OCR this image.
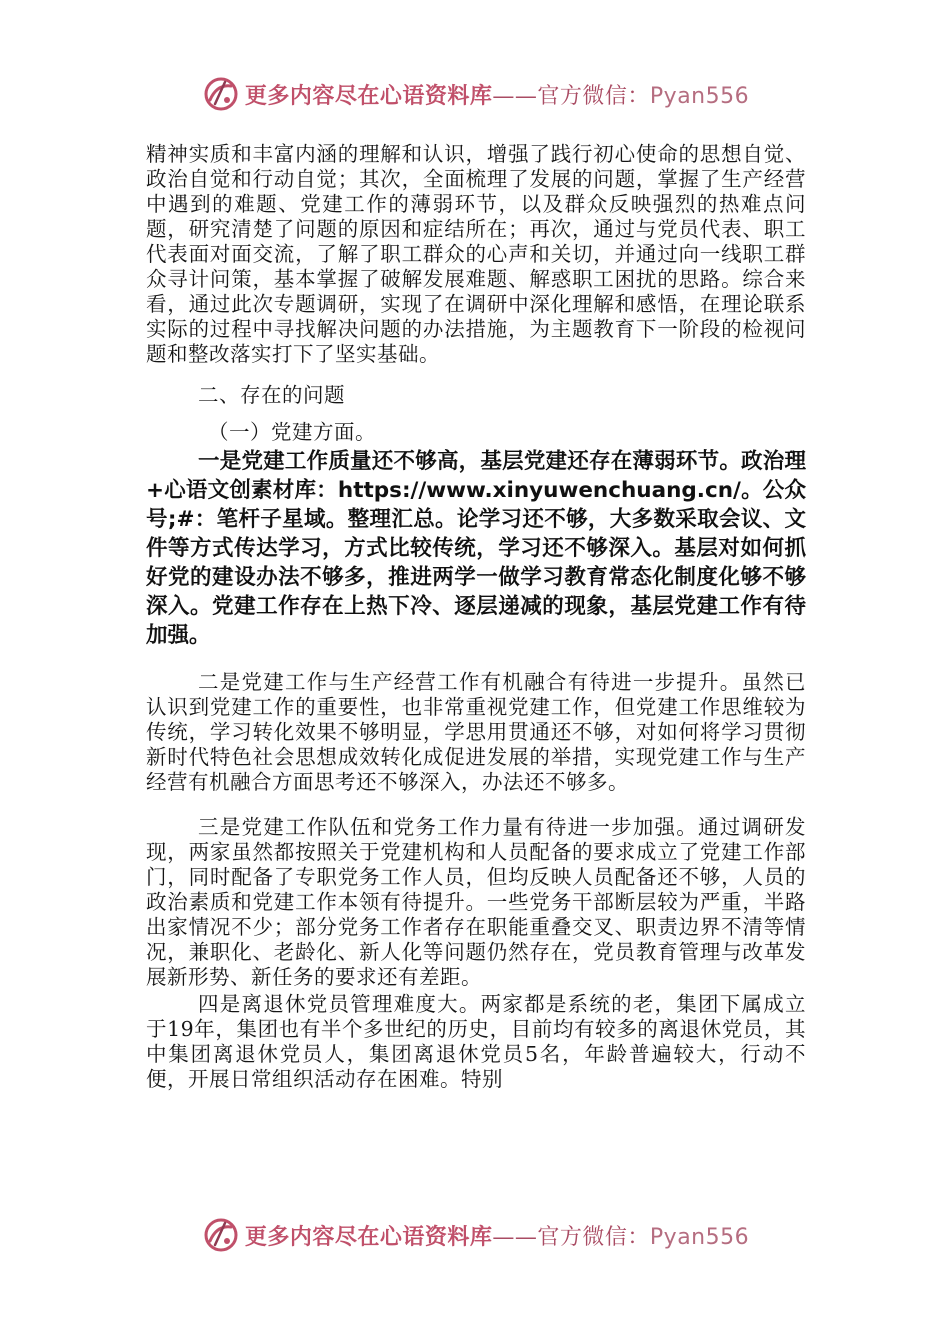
更多内容尽在心语资料库——官方微信：Pyan556

精神实质和丰富内涵的理解和认识，增强了践行初心使命的思想自觉、政治自觉和行动自觉；其次，全面梳理了发展的问题，掌握了生产经营中遇到的难题、党建工作的薄弱环节，以及群众反映强烈的热难点问题，研究清楚了问题的原因和症结所在；再次，通过与党员代表、职工代表面对面交流，了解了职工群众的心声和关切，并通过向一线职工群众寻计问策，基本掌握了破解发展难题、解惑职工困扰的思路。综合来看，通过此次专题调研，实现了在调研中深化理解和感悟，在理论联系实际的过程中寻找解决问题的办法措施，为主题教育下一阶段的检视问题和整改落实打下了坚实基础。

二、存在的问题

（一）党建方面。

一是党建工作质量还不够高，基层党建还存在薄弱环节。政治理+心语文创素材库：https://www.xinyuwenchuang.cn/。公众号;#：笔杆子星域。整理汇总。论学习还不够，大多数采取会议、文件等方式传达学习，方式比较传统，学习还不够深入。基层对如何抓好党的建设办法不够多，推进两学一做学习教育常态化制度化够不够深入。党建工作存在上热下冷、逐层递减的现象，基层党建工作有待加强。

二是党建工作与生产经营工作有机融合有待进一步提升。虽然已认识到党建工作的重要性，也非常重视党建工作，但党建工作思维较为传统，学习转化效果不够明显，学思用贯通还不够，对如何将学习贯彻新时代特色社会思想成效转化成促进发展的举措，实现党建工作与生产经营有机融合方面思考还不够深入，办法还不够多。

三是党建工作队伍和党务工作力量有待进一步加强。通过调研发现，两家虽然都按照关于党建机构和人员配备的要求成立了党建工作部门，同时配备了专职党务工作人员，但均反映人员配备还不够，人员的政治素质和党建工作本领有待提升。一些党务干部断层较为严重，半路出家情况不少；部分党务工作者存在职能重叠交叉、职责边界不清等情况，兼职化、老龄化、新人化等问题仍然存在，党员教育管理与改革发展新形势、新任务的要求还有差距。

四是离退休党员管理难度大。两家都是系统的老，集团下属成立于19年，集团也有半个多世纪的历史，目前均有较多的离退休党员，其中集团离退休党员人，集团离退休党员5名，年龄普遍较大，行动不便，开展日常组织活动存在困难。特别

更多内容尽在心语资料库——官方微信：Pyan556
